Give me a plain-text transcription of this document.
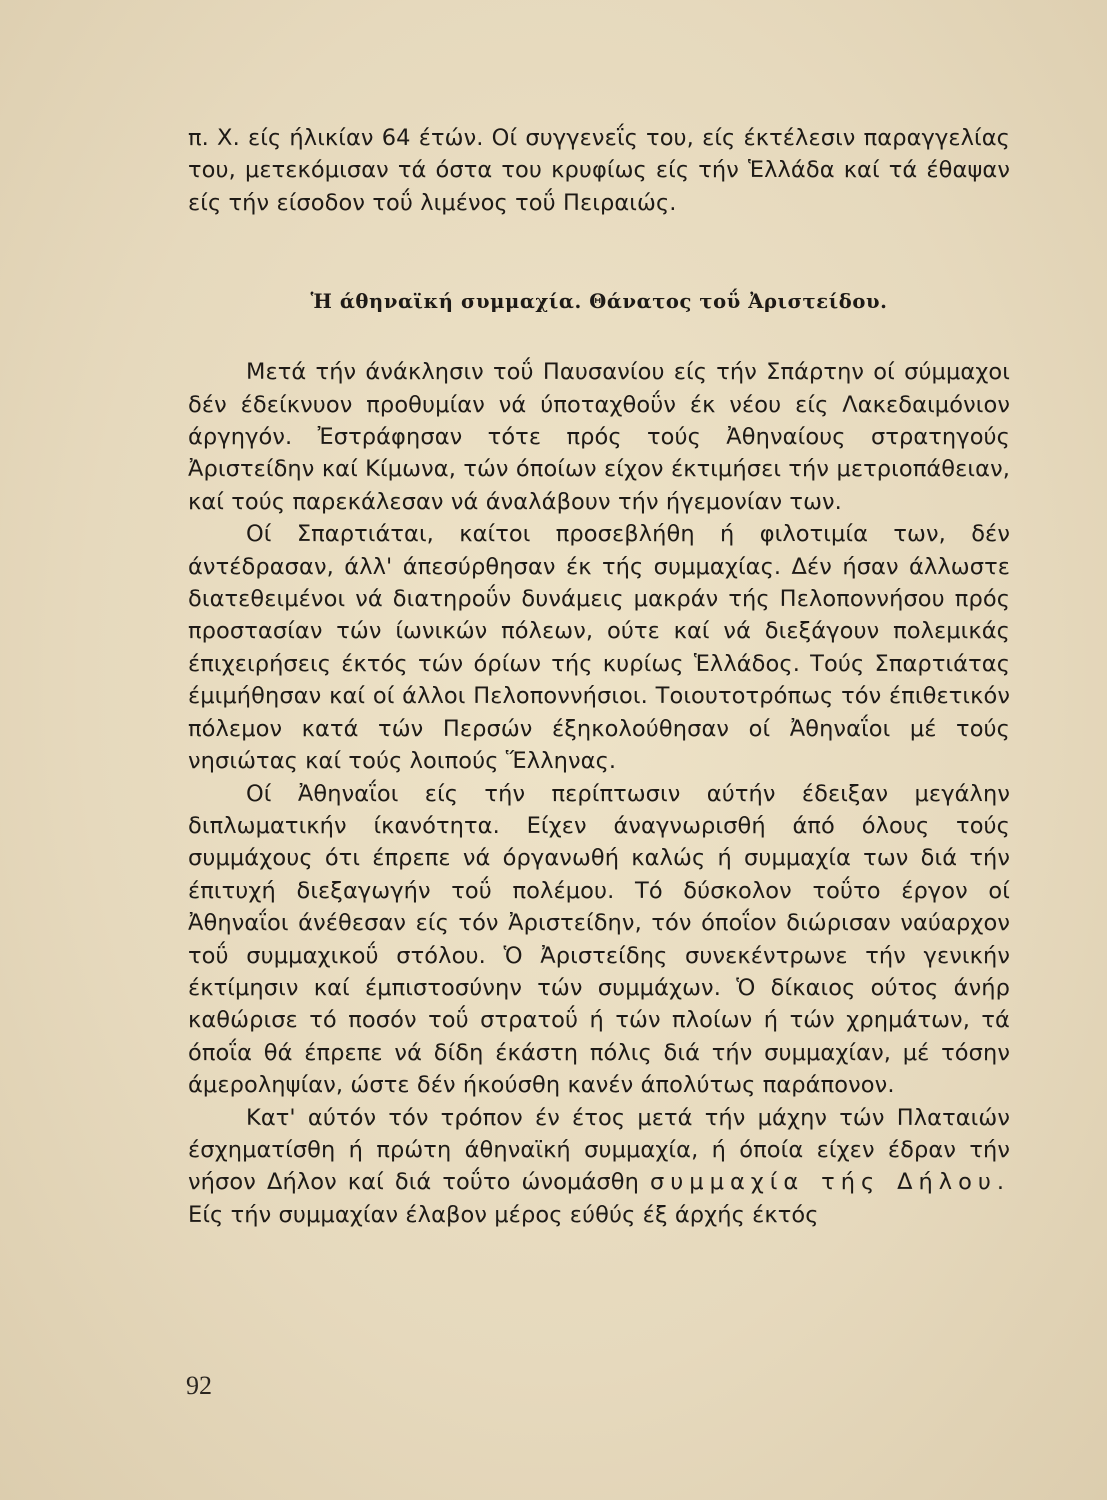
π. Χ. είς ήλικίαν 64 έτών. Οί συγγενεΐς του, είς έκτέλεσιν παραγγελίας του, μετεκόμισαν τά όστα του κρυφίως είς τήν Ἑλλάδα καί τά έθαψαν είς τήν είσοδον τοΰ λιμένος τοΰ Πειραιώς.

Ἡ άθηναϊκή συμμαχία. Θάνατος τοΰ Ἀριστείδου.

Μετά τήν άνάκλησιν τοΰ Παυσανίου είς τήν Σπάρτην οί σύμμαχοι δέν έδείκνυον προθυμίαν νά ύποταχθοΰν έκ νέου είς Λακεδαιμόνιον άργηγόν. Ἐστράφησαν τότε πρός τούς Ἀθηναίους στρατηγούς Ἀριστείδην καί Κίμωνα, τών όποίων είχον έκτιμήσει τήν μετριοπάθειαν, καί τούς παρεκάλεσαν νά άναλάβουν τήν ήγεμονίαν των.

Οί Σπαρτιάται, καίτοι προσεβλήθη ή φιλοτιμία των, δέν άντέδρασαν, άλλ' άπεσύρθησαν έκ τής συμμαχίας. Δέν ήσαν άλλωστε διατεθειμένοι νά διατηροΰν δυνάμεις μακράν τής Πελοποννήσου πρός προστασίαν τών ίωνικών πόλεων, ούτε καί νά διεξάγουν πολεμικάς έπιχειρήσεις έκτός τών όρίων τής κυρίως Ἑλλάδος. Τούς Σπαρτιάτας έμιμήθησαν καί οί άλλοι Πελοποννήσιοι. Τοιουτοτρόπως τόν έπιθετικόν πόλεμον κατά τών Περσών έξηκολούθησαν οί Ἀθηναΐοι μέ τούς νησιώτας καί τούς λοιπούς Ἕλληνας.

Οί Ἀθηναΐοι είς τήν περίπτωσιν αύτήν έδειξαν μεγάλην διπλωματικήν ίκανότητα. Είχεν άναγνωρισθή άπό όλους τούς συμμάχους ότι έπρεπε νά όργανωθή καλώς ή συμμαχία των διά τήν έπιτυχή διεξαγωγήν τοΰ πολέμου. Τό δύσκολον τοΰτο έργον οί Ἀθηναΐοι άνέθεσαν είς τόν Ἀριστείδην, τόν όποΐον διώρισαν ναύαρχον τοΰ συμμαχικοΰ στόλου. Ὁ Ἀριστείδης συνεκέντρωνε τήν γενικήν έκτίμησιν καί έμπιστοσύνην τών συμμάχων. Ὁ δίκαιος ούτος άνήρ καθώρισε τό ποσόν τοΰ στρατοΰ ή τών πλοίων ή τών χρημάτων, τά όποΐα θά έπρεπε νά δίδη έκάστη πόλις διά τήν συμμαχίαν, μέ τόσην άμεροληψίαν, ώστε δέν ήκούσθη κανέν άπολύτως παράπονον.

Κατ' αύτόν τόν τρόπον έν έτος μετά τήν μάχην τών Πλαταιών έσχηματίσθη ή πρώτη άθηναϊκή συμμαχία, ή όποία είχεν έδραν τήν νήσον Δήλον καί διά τοΰτο ώνομάσθη συμμαχία τής Δήλου. Είς τήν συμμαχίαν έλαβον μέρος εύθύς έξ άρχής έκτός

92
